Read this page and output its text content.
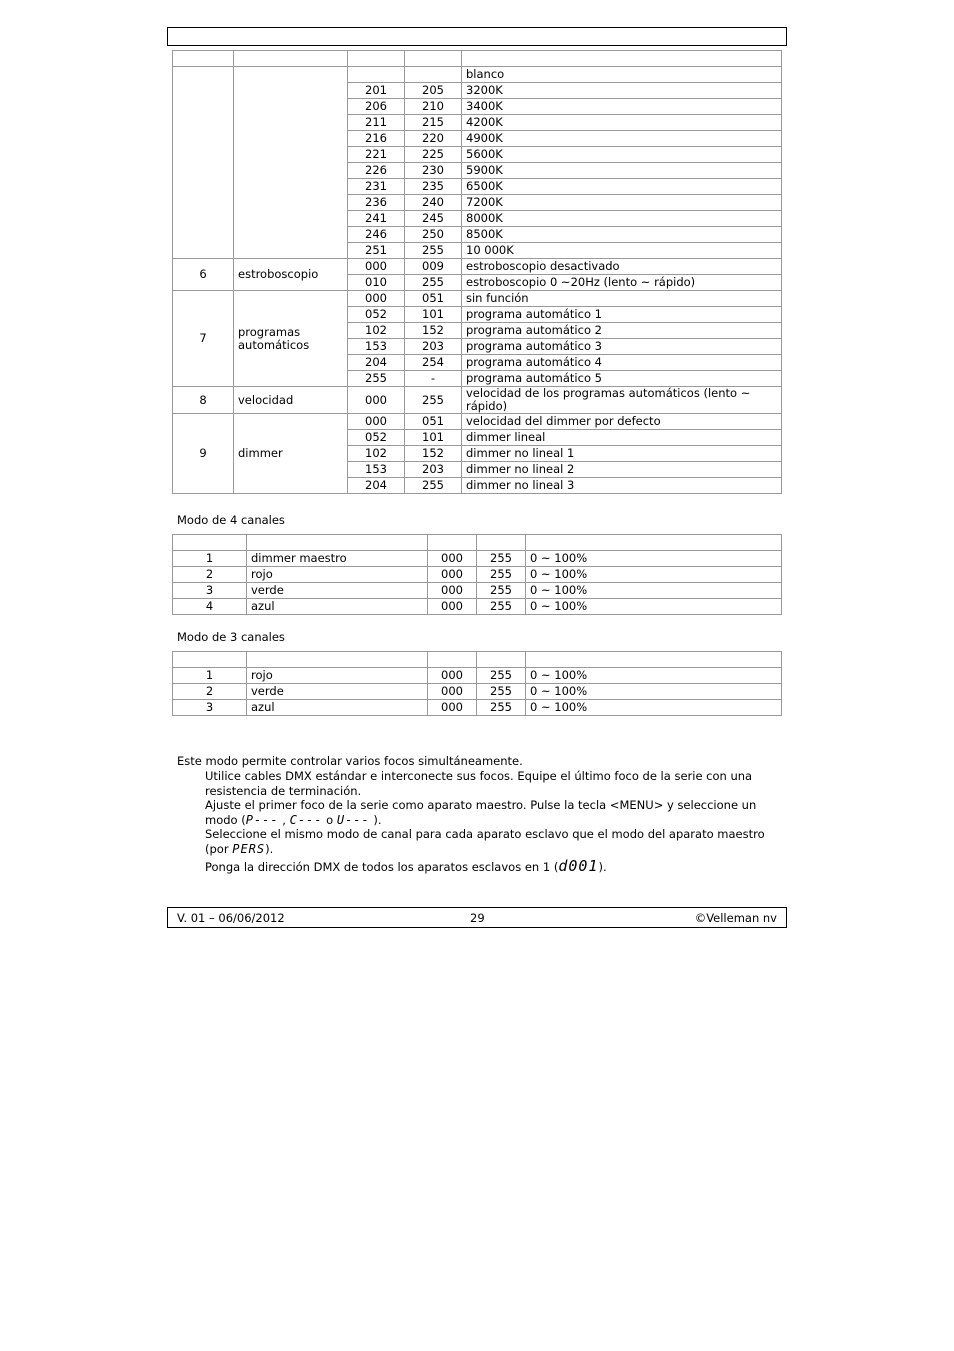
				blanco
		201	205	3200K
		206	210	3400K
		211	215	4200K
		216	220	4900K
		221	225	5600K
		226	230	5900K
		231	235	6500K
		236	240	7200K
		241	245	8000K
		246	250	8500K
		251	255	10 000K
6	estroboscopio	000	009	estroboscopio desactivado
		010	255	estroboscopio 0 ~20Hz (lento ~ rápido)
7	programas automáticos	000	051	sin función
		052	101	programa automático 1
		102	152	programa automático 2
		153	203	programa automático 3
		204	254	programa automático 4
		255	-	programa automático 5
8	velocidad	000	255	velocidad de los programas automáticos (lento ~ rápido)
9	dimmer	000	051	velocidad del dimmer por defecto
		052	101	dimmer lineal
		102	152	dimmer no lineal 1
		153	203	dimmer no lineal 2
		204	255	dimmer no lineal 3
Modo de 4 canales

1	dimmer maestro	000	255	0 ~ 100%
2	rojo	000	255	0 ~ 100%
3	verde	000	255	0 ~ 100%
4	azul	000	255	0 ~ 100%
Modo de 3 canales

1	rojo	000	255	0 ~ 100%
2	verde	000	255	0 ~ 100%
3	azul	000	255	0 ~ 100%
Este modo permite controlar varios focos simultáneamente.
Utilice cables DMX estándar e interconecte sus focos. Equipe el último foco de la serie con una resistencia de terminación.
Ajuste el primer foco de la serie como aparato maestro. Pulse la tecla <MENU> y seleccione un modo (P--- , C--- o U--- ).
Seleccione el mismo modo de canal para cada aparato esclavo que el modo del aparato maestro (por PERS).
Ponga la dirección DMX de todos los aparatos esclavos en 1 (d001).
V. 01 – 06/06/2012	29	©Velleman nv
